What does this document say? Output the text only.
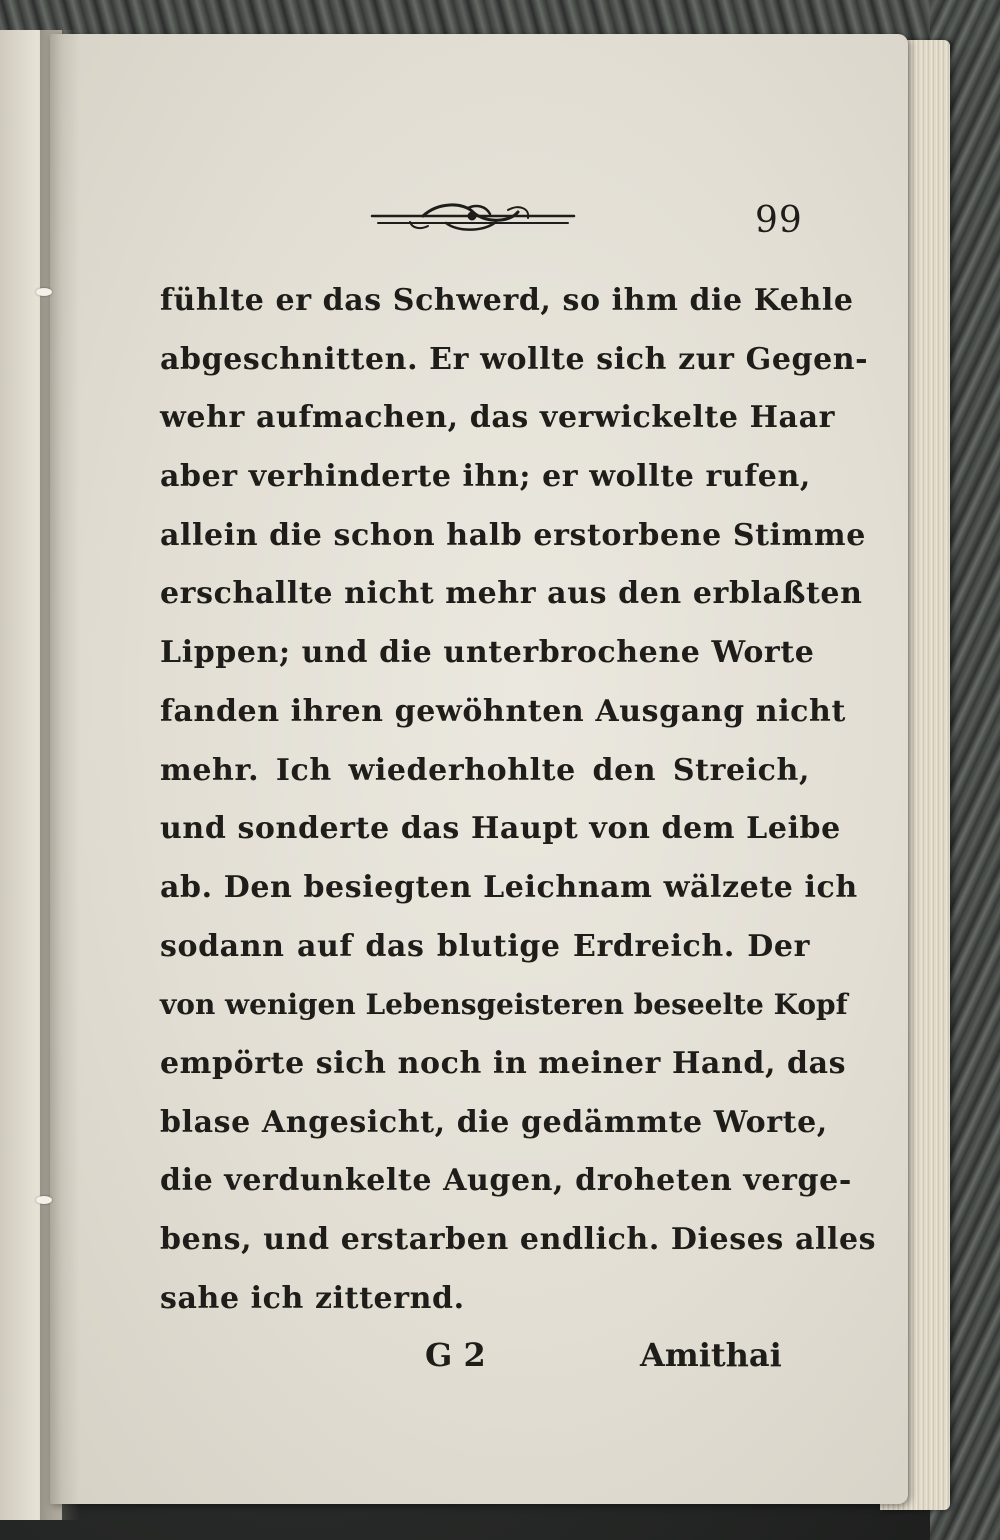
99
fühlte er das Schwerd, so ihm die Kehle
abgeschnitten. Er wollte sich zur Gegen-
wehr aufmachen, das verwickelte Haar
aber verhinderte ihn; er wollte rufen,
allein die schon halb erstorbene Stimme
erschallte nicht mehr aus den erblaßten
Lippen; und die unterbrochene Worte
fanden ihren gewöhnten Ausgang nicht
mehr. Ich wiederhohlte den Streich,
und sonderte das Haupt von dem Leibe
ab. Den besiegten Leichnam wälzete ich
sodann auf das blutige Erdreich. Der
von wenigen Lebensgeisteren beseelte Kopf
empörte sich noch in meiner Hand, das
blase Angesicht, die gedämmte Worte,
die verdunkelte Augen, droheten verge-
bens, und erstarben endlich. Dieses alles
sahe ich zitternd.
G 2	Amithai
